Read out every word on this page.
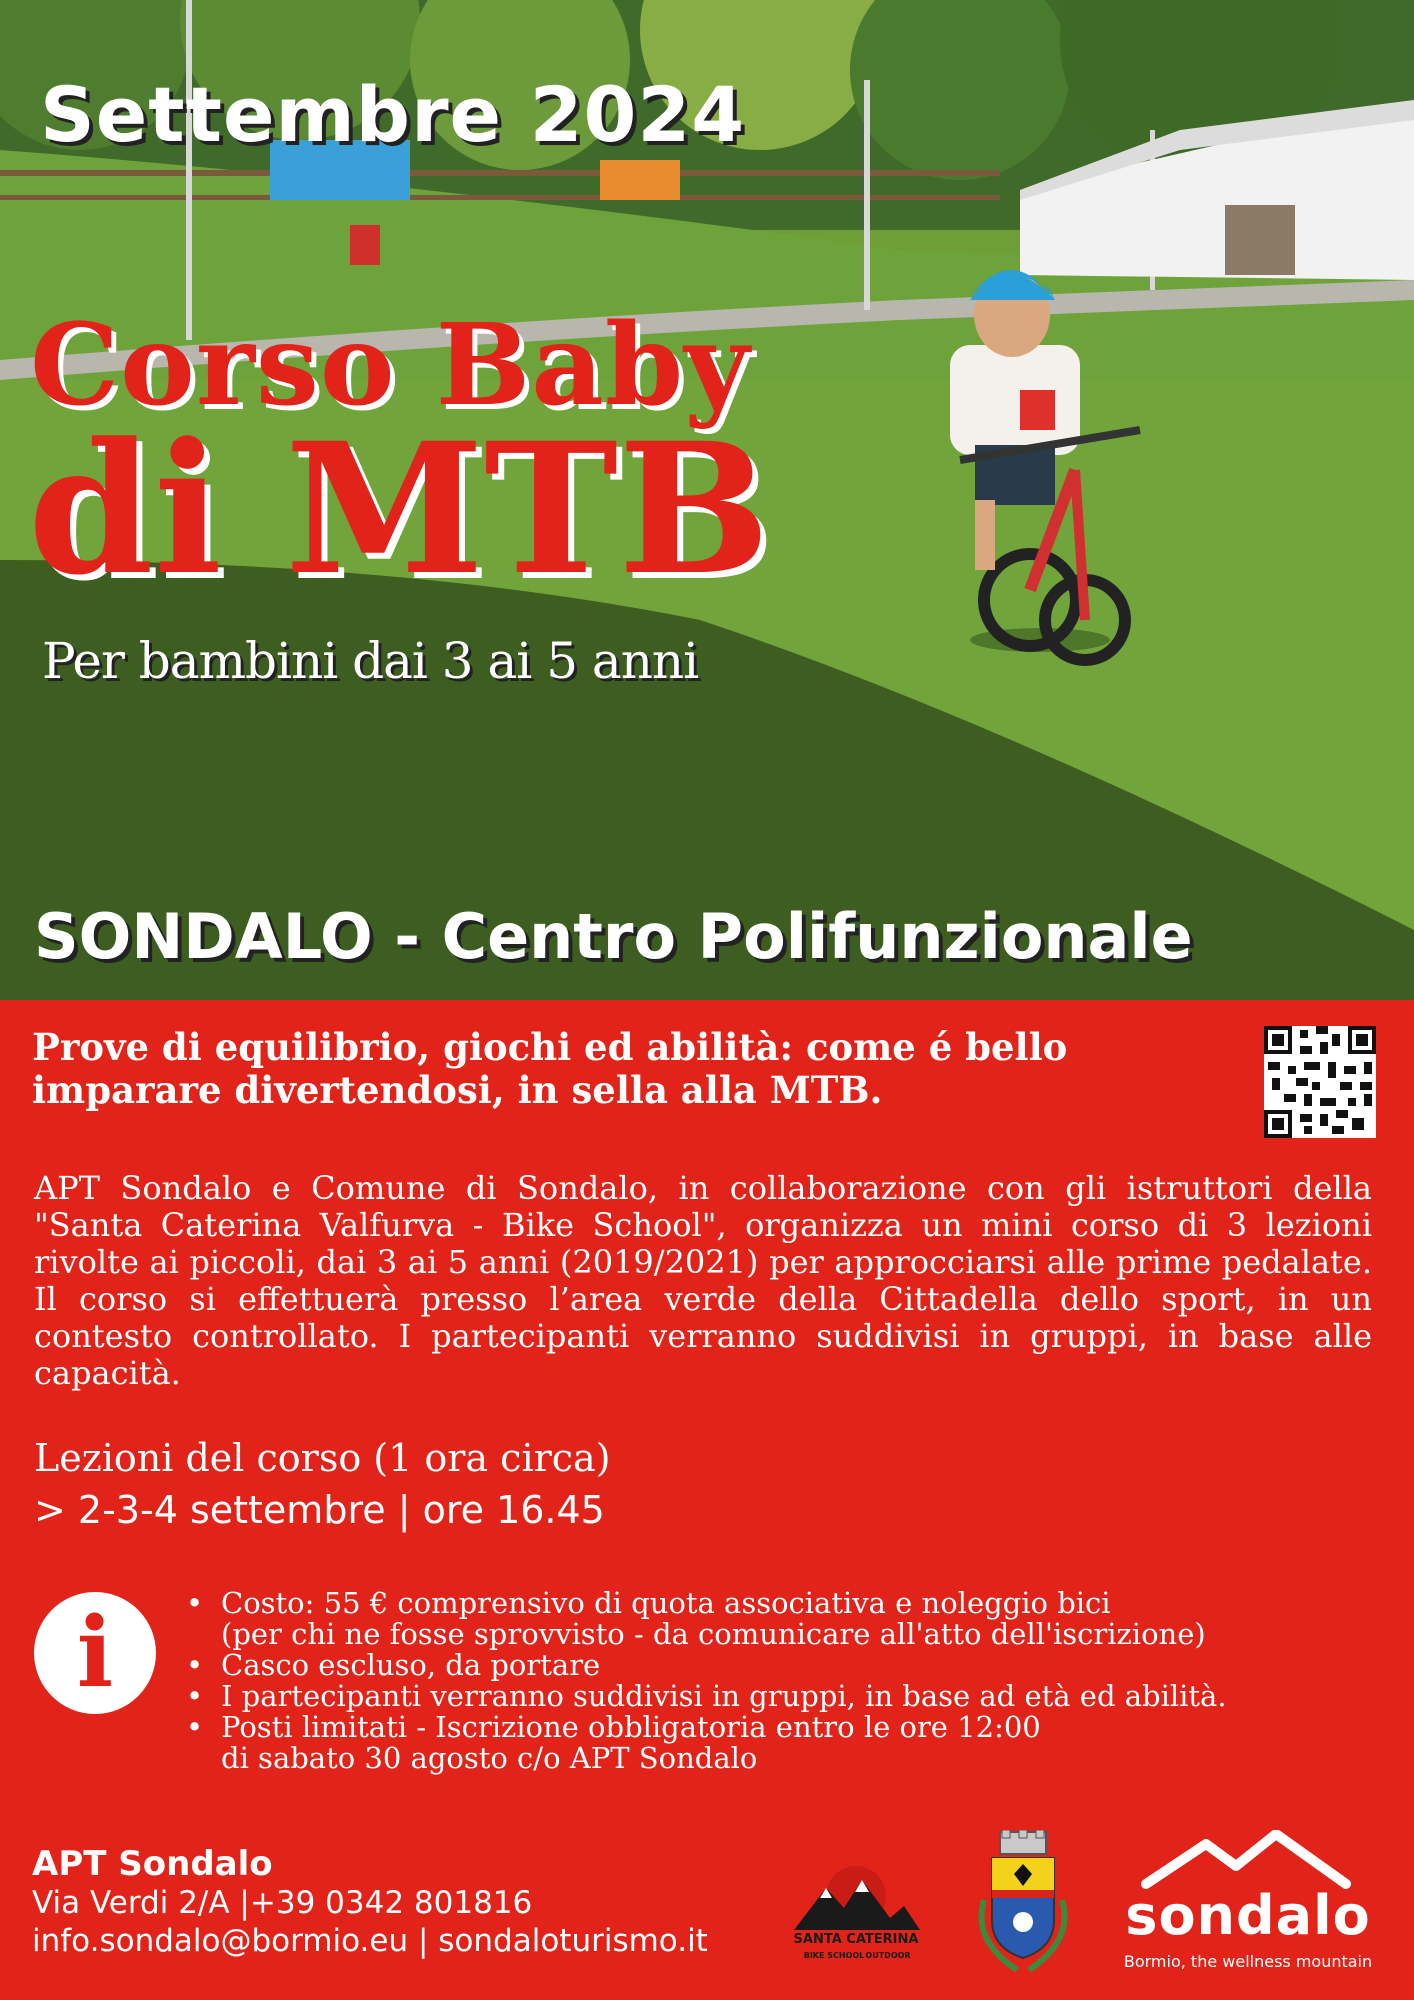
Settembre 2024
Corso Baby
di MTB
Per bambini dai 3 ai 5 anni
SONDALO - Centro Polifunzionale
Prove di equilibrio, giochi ed abilità: come é bello imparare divertendosi, in sella alla MTB.
APT Sondalo e Comune di Sondalo, in collaborazione con gli istruttori della "Santa Caterina Valfurva - Bike School", organizza un mini corso di 3 lezioni rivolte ai piccoli, dai 3 ai 5 anni (2019/2021) per approcciarsi alle prime pedalate. Il corso si effettuerà presso l’area verde della Cittadella dello sport, in un contesto controllato. I partecipanti verranno suddivisi in gruppi, in base alle capacità.
Lezioni del corso (1 ora circa)
> 2-3-4 settembre | ore 16.45
i
•	Costo: 55 € comprensivo di quota associativa e noleggio bici
(per chi ne fosse sprovvisto - da comunicare all'atto dell'iscrizione)
• Casco escluso, da portare
• I partecipanti verranno suddivisi in gruppi, in base ad età ed abilità.
• Posti limitati - Iscrizione obbligatoria entro le ore 12:00
di sabato 30 agosto c/o APT Sondalo
APT Sondalo
Via Verdi 2/A |+39 0342 801816
info.sondalo@bormio.eu | sondaloturismo.it	SANTA CATERINA
BIKE SCHOOL OUTDOOR
sondalo
Bormio, the wellness mountain
